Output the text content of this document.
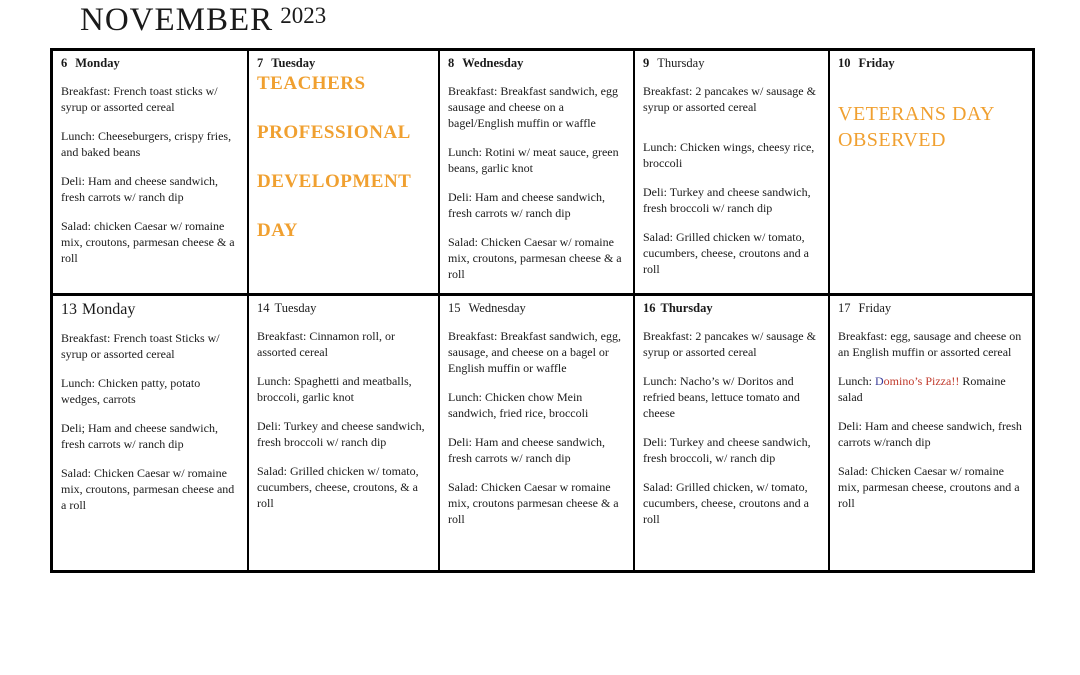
NOVEMBER 2023
6 Monday

Breakfast: French toast sticks w/ syrup or assorted cereal

Lunch: Cheeseburgers, crispy fries, and baked beans

Deli: Ham and cheese sandwich, fresh carrots w/ ranch dip

Salad: chicken Caesar w/ romaine mix, croutons, parmesan cheese & a roll

7 Tuesday
TEACHERS
PROFESSIONAL
DEVELOPMENT
DAY
8 Wednesday

Breakfast: Breakfast sandwich, egg sausage and cheese on a bagel/English muffin or waffle

Lunch: Rotini w/ meat sauce, green beans, garlic knot

Deli: Ham and cheese sandwich, fresh carrots w/ ranch dip

Salad: Chicken Caesar w/ romaine mix, croutons, parmesan cheese & a roll

9 Thursday

Breakfast: 2 pancakes w/ sausage & syrup or assorted cereal

Lunch: Chicken wings, cheesy rice, broccoli

Deli: Turkey and cheese sandwich, fresh broccoli w/ ranch dip

Salad: Grilled chicken w/ tomato, cucumbers, cheese, croutons and a roll

10 Friday
VETERANS DAY
OBSERVED
13 Monday

Breakfast: French toast Sticks w/ syrup or assorted cereal

Lunch: Chicken patty, potato wedges, carrots

Deli; Ham and cheese sandwich, fresh carrots w/ ranch dip

Salad: Chicken Caesar w/ romaine mix, croutons, parmesan cheese and a roll

14 Tuesday

Breakfast: Cinnamon roll, or assorted cereal

Lunch: Spaghetti and meatballs, broccoli, garlic knot

Deli: Turkey and cheese sandwich, fresh broccoli w/ ranch dip

Salad: Grilled chicken w/ tomato, cucumbers, cheese, croutons, & a roll

15 Wednesday

Breakfast: Breakfast sandwich, egg, sausage, and cheese on a bagel or English muffin or waffle

Lunch: Chicken chow Mein sandwich, fried rice, broccoli

Deli: Ham and cheese sandwich, fresh carrots w/ ranch dip

Salad: Chicken Caesar w romaine mix, croutons parmesan cheese & a roll

16 Thursday

Breakfast: 2 pancakes w/ sausage & syrup or assorted cereal

Lunch: Nacho’s w/ Doritos and refried beans, lettuce tomato and cheese

Deli: Turkey and cheese sandwich, fresh broccoli, w/ ranch dip

Salad: Grilled chicken, w/ tomato, cucumbers, cheese, croutons and a roll

17 Friday

Breakfast: egg, sausage and cheese on an English muffin or assorted cereal

Lunch: Domino’s Pizza!! Romaine salad

Deli: Ham and cheese sandwich, fresh carrots w/ranch dip

Salad: Chicken Caesar w/ romaine mix, parmesan cheese, croutons and a roll
